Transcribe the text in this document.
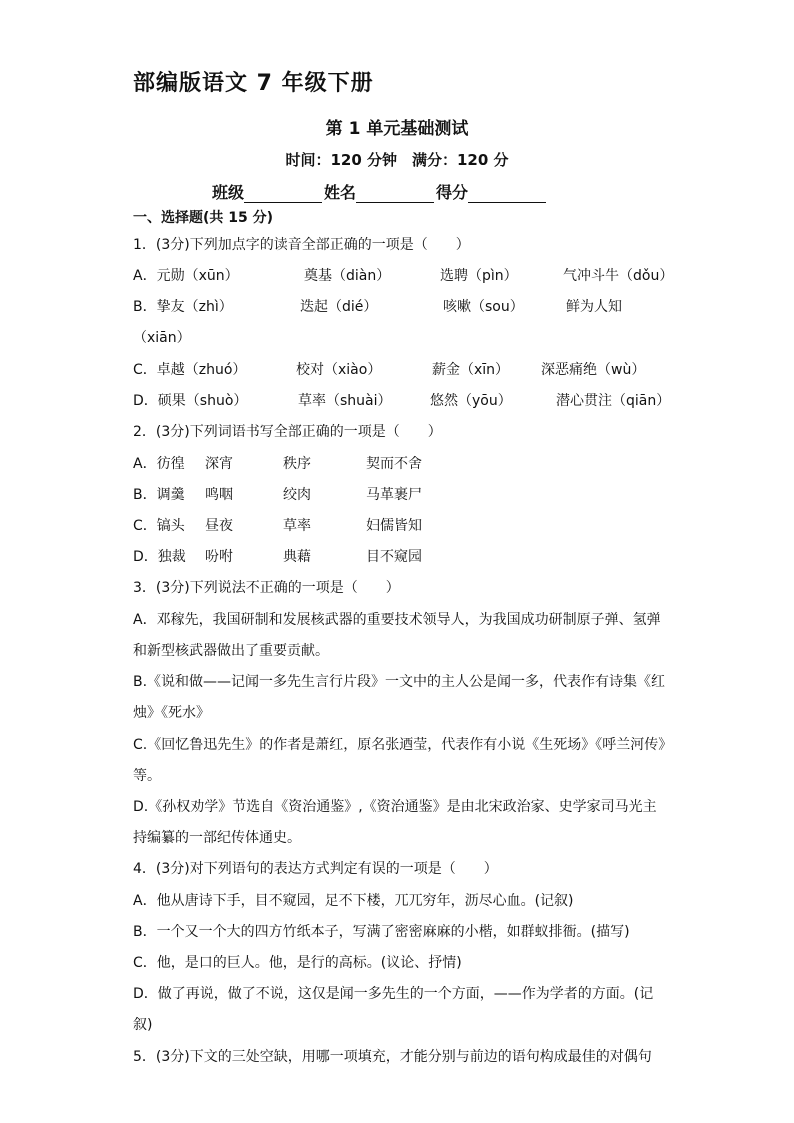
部编版语文 7 年级下册
第 1 单元基础测试
时间：120 分钟　满分：120 分
班级	姓名	得分
一、选择题(共 15 分)
1．(3分)下列加点字的读音全部正确的一项是（　　）
A．元勋（xūn）	奠基（diàn）	选聘（pìn）	气冲斗牛（dǒu）
B．挚友（zhì）	迭起（dié）	咳嗽（sou）	鲜为人知
（xiān）
C．卓越（zhuó）	校对（xiào）	薪金（xīn） 深恶痛绝（wù）
D．硕果（shuò）	草率（shuài）	悠然（yōu）	潜心贯注（qiān）
2．(3分)下列词语书写全部正确的一项是（　　）
A．彷徨 深宵	秩序	契而不舍
B．调羹 鸣咽	绞肉	马革裹尸
C．镐头 昼夜	草率	妇儒皆知
D．独裁 吩咐	典藉	目不窥园
3．(3分)下列说法不正确的一项是（　　）
A．邓稼先，我国研制和发展核武器的重要技术领导人，为我国成功研制原子弹、氢弹
和新型核武器做出了重要贡献。
B.《说和做——记闻一多先生言行片段》一文中的主人公是闻一多，代表作有诗集《红
烛》《死水》
C.《回忆鲁迅先生》的作者是萧红，原名张迺莹，代表作有小说《生死场》《呼兰河传》
等。
D.《孙权劝学》节选自《资治通鉴》,《资治通鉴》是由北宋政治家、史学家司马光主
持编纂的一部纪传体通史。
4．(3分)对下列语句的表达方式判定有误的一项是（　　）
A．他从唐诗下手，目不窥园，足不下楼，兀兀穷年，沥尽心血。(记叙)
B．一个又一个大的四方竹纸本子，写满了密密麻麻的小楷，如群蚁排衙。(描写)
C．他，是口的巨人。他，是行的高标。(议论、抒情)
D．做了再说，做了不说，这仅是闻一多先生的一个方面，——作为学者的方面。(记
叙)
5．(3分)下文的三处空缺，用哪一项填充，才能分别与前边的语句构成最佳的对偶句
